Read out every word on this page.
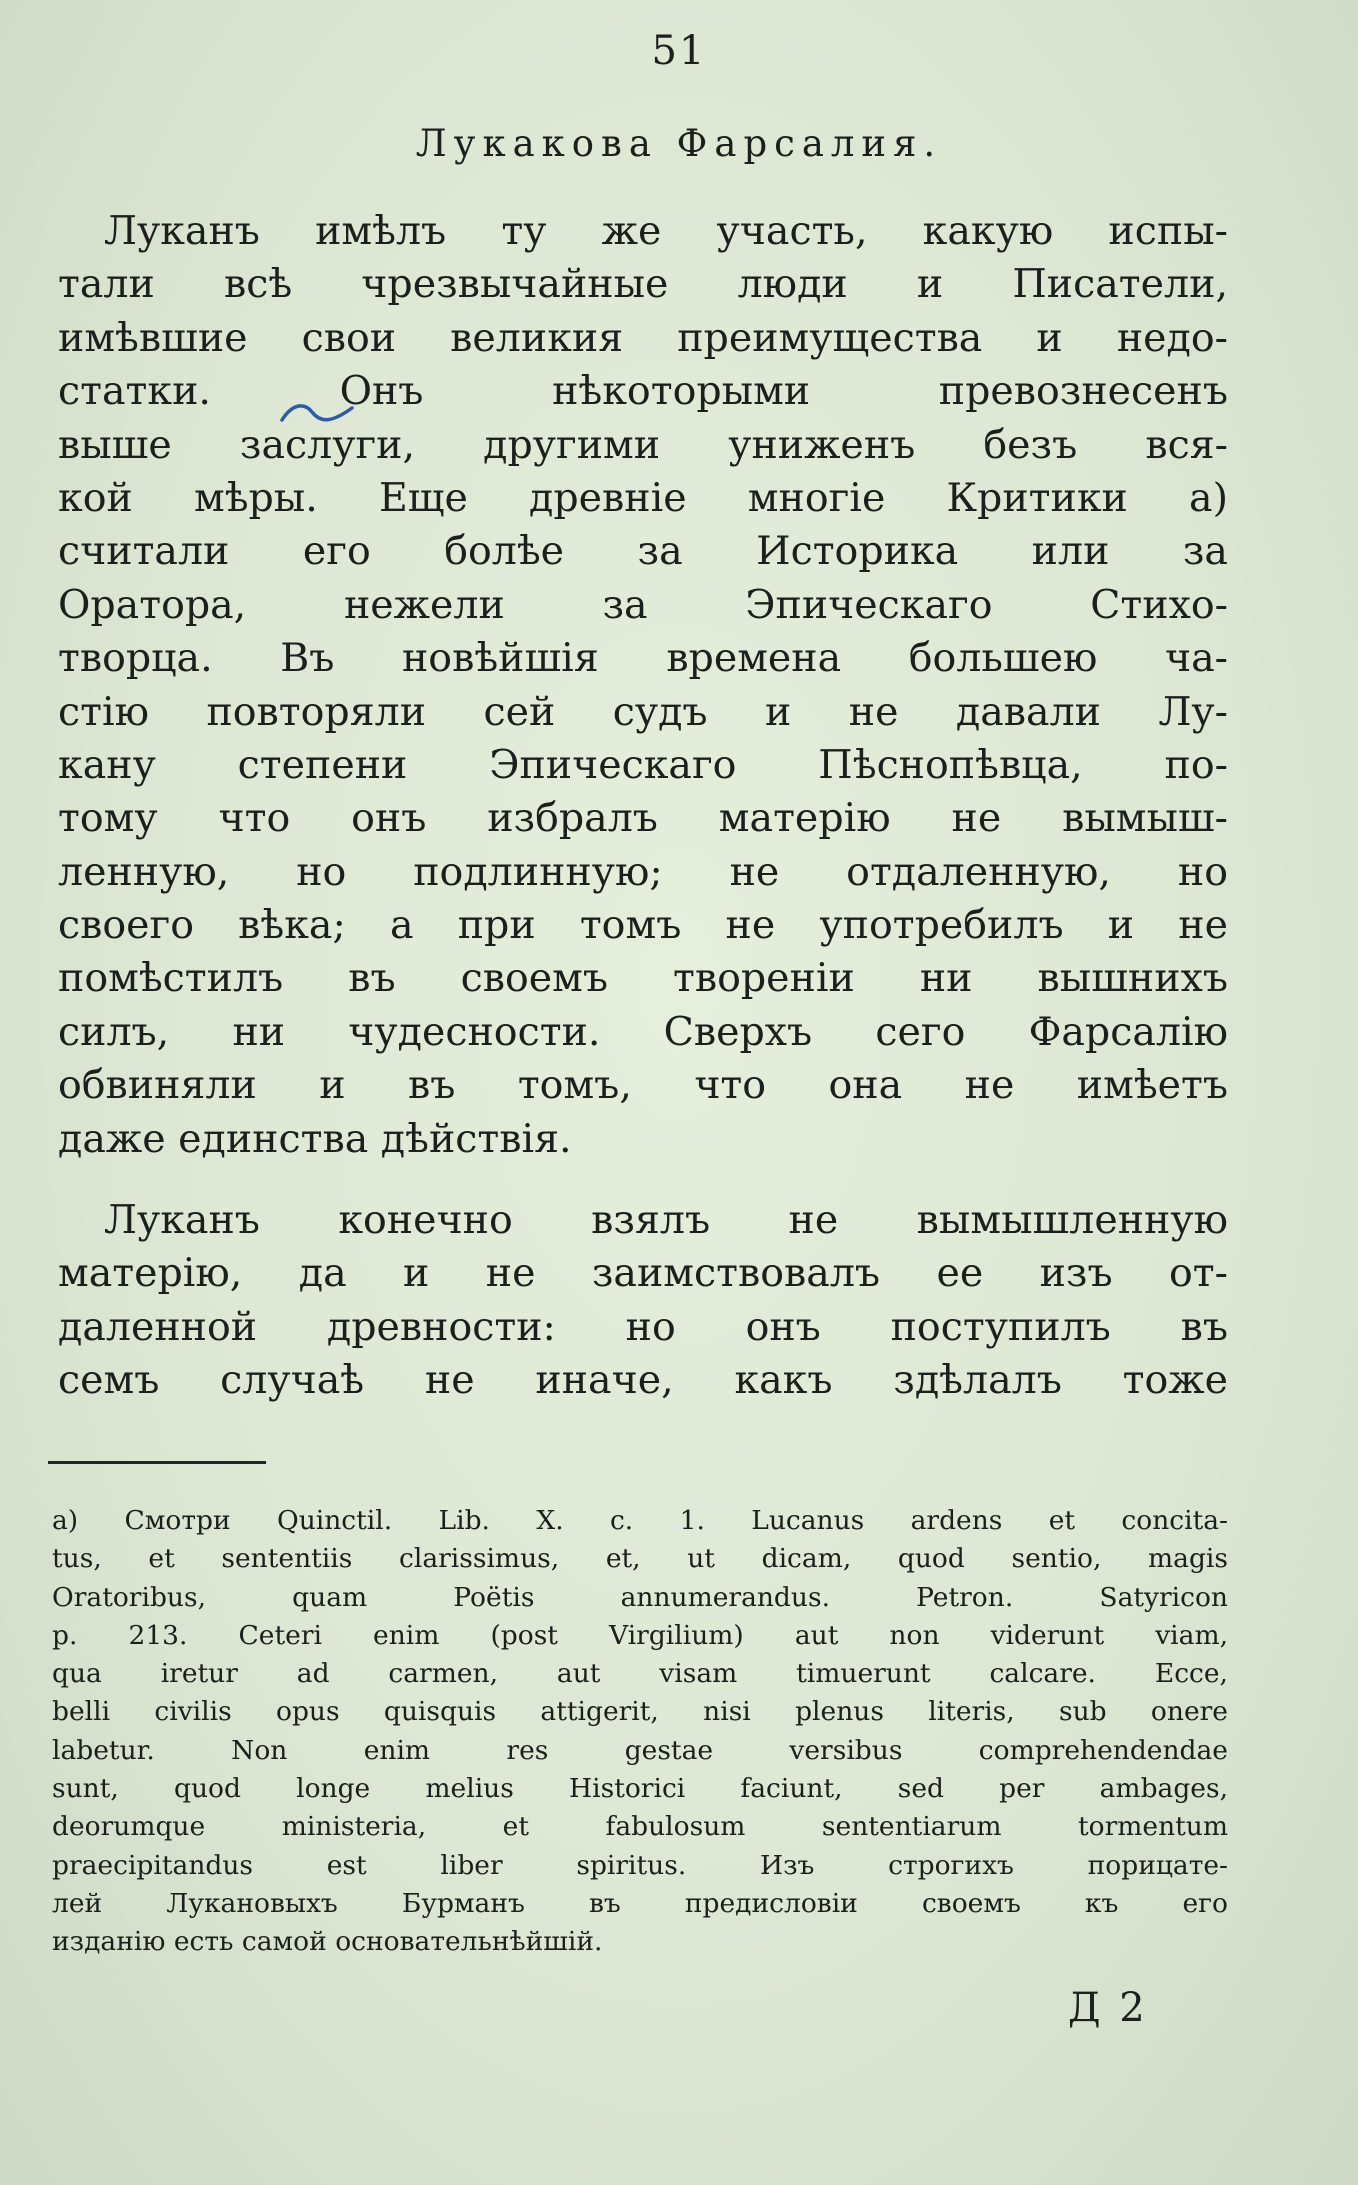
51
Лукакова Фарсалия.
Луканъ имѣлъ ту же участь, какую испы-
тали всѣ чрезвычайные люди и Писатели,
имѣвшие свои великия преимущества и недо-
статки. Онъ нѣкоторыми превознесенъ
выше заслуги, другими униженъ безъ вся-
кой мѣры. Еще древніе многіе Критики а)
считали его болѣе за Историка или за
Оратора, нежели за Эпическаго Стихо-
творца. Въ новѣйшія времена большею ча-
стію повторяли сей судъ и не давали Лу-
кану степени Эпическаго Пѣснопѣвца, по-
тому что онъ избралъ матерію не вымыш-
ленную, но подлинную; не отдаленную, но
своего вѣка; а при томъ не употребилъ и не
помѣстилъ въ своемъ твореніи ни вышнихъ
силъ, ни чудесности. Сверхъ сего Фарсалію
обвиняли и въ томъ, что она не имѣетъ
даже единства дѣйствія.
Луканъ конечно взялъ не вымышленную
матерію, да и не заимствовалъ ее изъ от-
даленной древности: но онъ поступилъ въ
семъ случаѣ не иначе, какъ здѣлалъ тоже
а) Смотри Quinctil. Lib. X. c. 1. Lucanus ardens et concita-
tus, et sententiis clarissimus, et, ut dicam, quod sentio, magis
Oratoribus, quam Poëtis annumerandus. Petron. Satyricon
p. 213. Ceteri enim (post Virgilium) aut non viderunt viam,
qua iretur ad carmen, aut visam timuerunt calcare. Ecce,
belli civilis opus quisquis attigerit, nisi plenus literis, sub onere
labetur. Non enim res gestae versibus comprehendendae
sunt, quod longe melius Historici faciunt, sed per ambages,
deorumque ministeria, et fabulosum sententiarum tormentum
praecipitandus est liber spiritus. Изъ строгихъ порицате-
лей Лукановыхъ Бурманъ въ предисловіи своемъ къ его
изданію есть самой основательнѣйшій.
Д 2
